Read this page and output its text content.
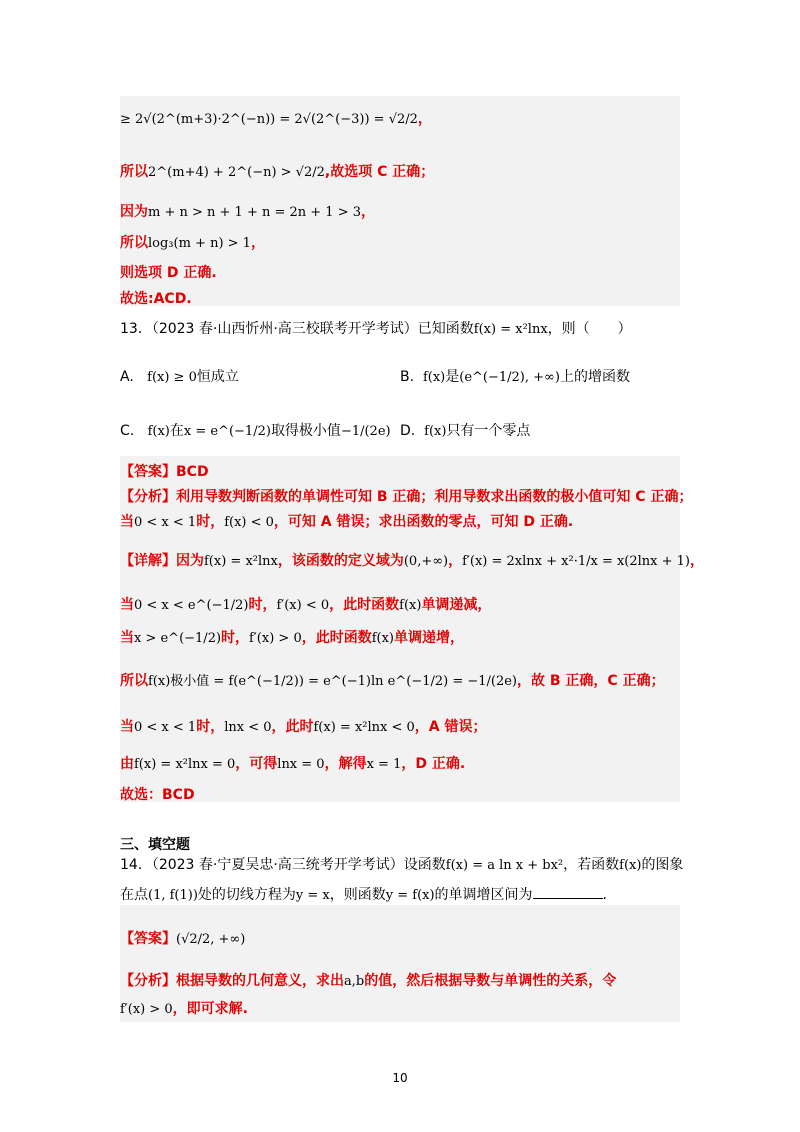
≥ 2√(2^(m+3)·2^(−n)) = 2√(2^(−3)) = √2/2，
所以2^(m+4) + 2^(−n) > √2/2,故选项 C 正确；
因为m + n > n + 1 + n = 2n + 1 > 3，
所以log₃(m + n) > 1，
则选项 D 正确.
故选:ACD.
13．（2023 春·山西忻州·高三校联考开学考试）已知函数f(x) = x²lnx，则（　　）
A. f(x) ≥ 0恒成立	B. f(x)是(e^(−1/2), +∞)上的增函数
C. f(x)在x = e^(−1/2)取得极小值−1/(2e) D. f(x)只有一个零点
【答案】BCD
【分析】利用导数判断函数的单调性可知 B 正确；利用导数求出函数的极小值可知 C 正确；
当0 < x < 1时，f(x) < 0，可知 A 错误；求出函数的零点，可知 D 正确.
【详解】因为f(x) = x²lnx，该函数的定义域为(0,+∞)，f′(x) = 2xlnx + x²·1/x = x(2lnx + 1)，
当0 < x < e^(−1/2)时，f′(x) < 0，此时函数f(x)单调递减，
当x > e^(−1/2)时，f′(x) > 0，此时函数f(x)单调递增，
所以f(x)极小值 = f(e^(−1/2)) = e^(−1)ln e^(−1/2) = −1/(2e)，故 B 正确，C 正确；
当0 < x < 1时，lnx < 0，此时f(x) = x²lnx < 0，A 错误；
由f(x) = x²lnx = 0，可得lnx = 0，解得x = 1，D 正确.
故选：BCD
三、填空题
14．（2023 春·宁夏吴忠·高三统考开学考试）设函数f(x) = a ln x + bx²，若函数f(x)的图象
在点(1, f(1))处的切线方程为y = x，则函数y = f(x)的单调增区间为	.
【答案】(√2/2, +∞)
【分析】根据导数的几何意义，求出a,b的值，然后根据导数与单调性的关系，令
f′(x) > 0，即可求解.
10
